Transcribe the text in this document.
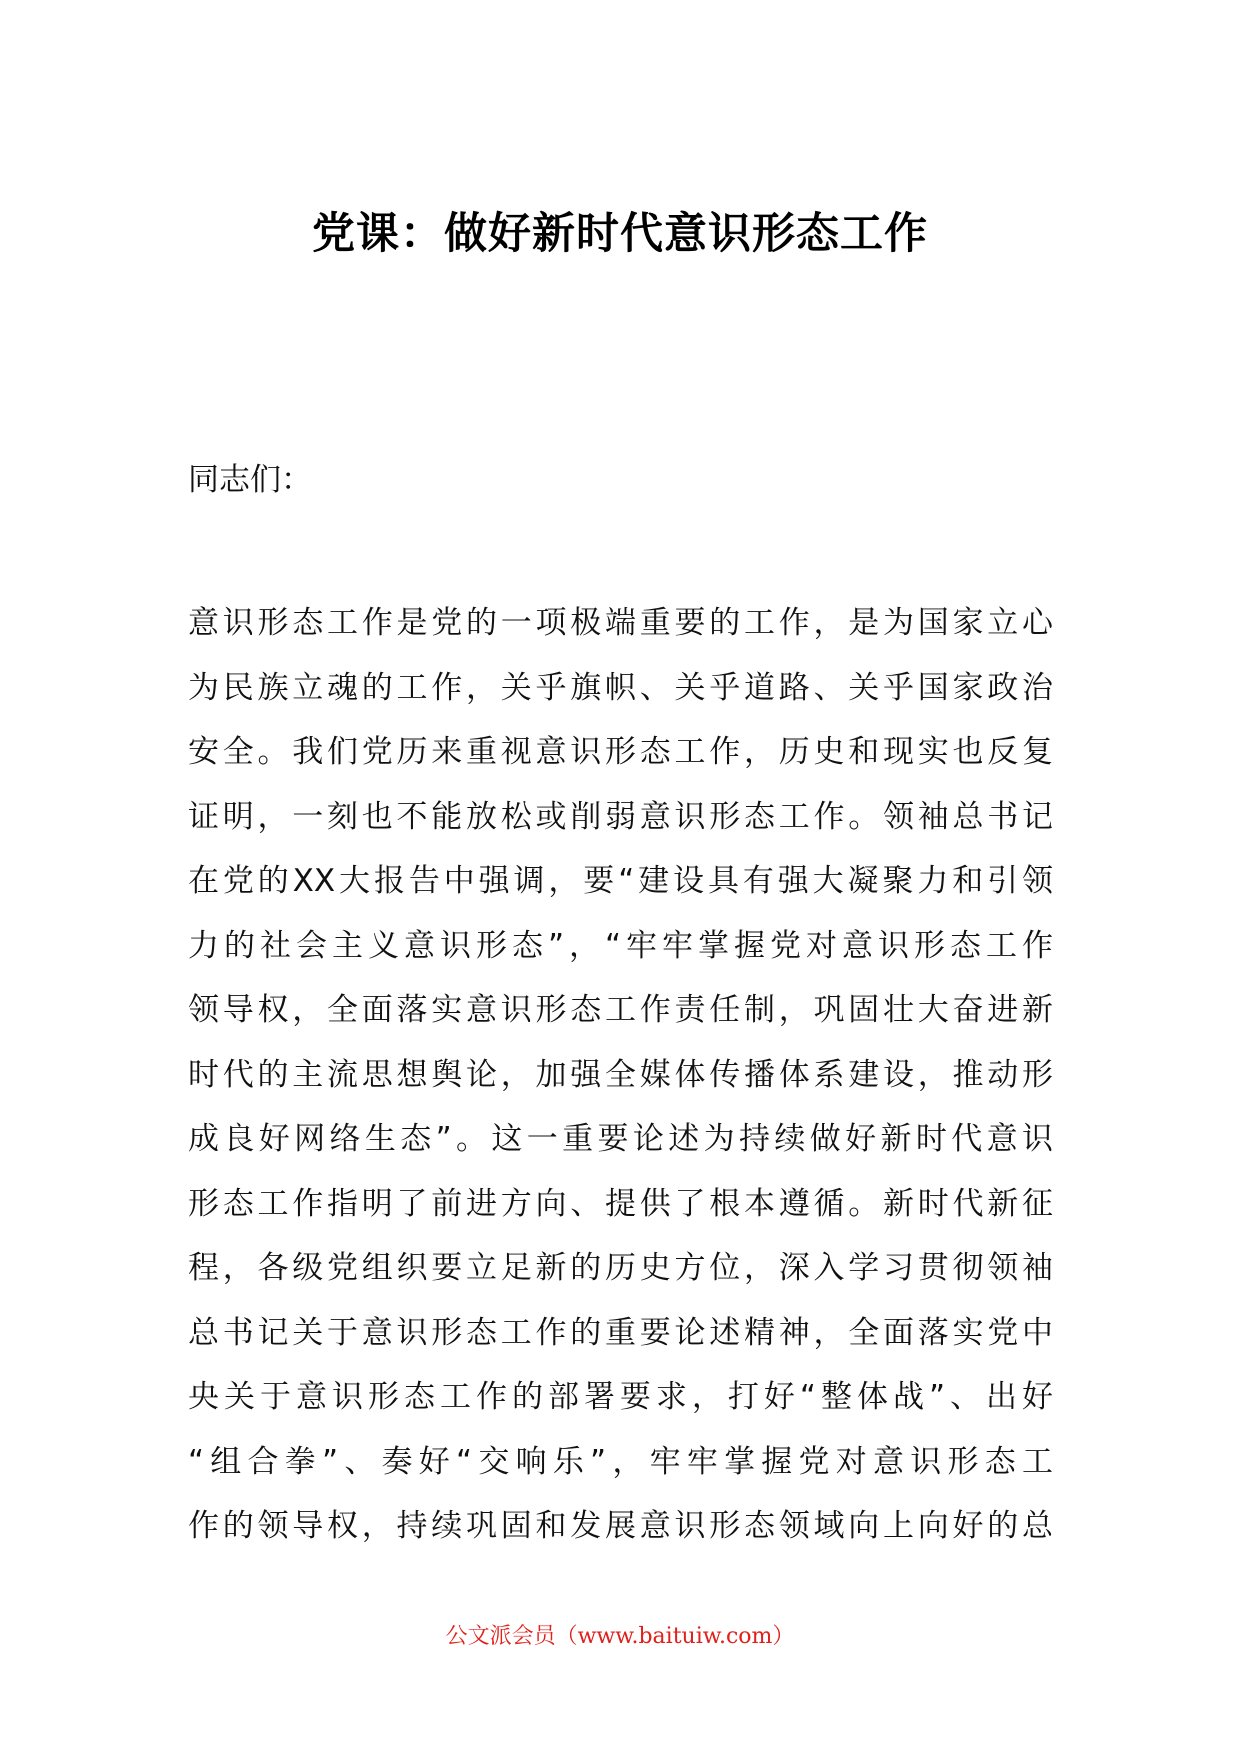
党课：做好新时代意识形态工作
同志们：
意识形态工作是党的一项极端重要的工作，是为国家立心
为民族立魂的工作，关乎旗帜、关乎道路、关乎国家政治
安全。我们党历来重视意识形态工作，历史和现实也反复
证明，一刻也不能放松或削弱意识形态工作。领袖总书记
在党的XX大报告中强调，要“建设具有强大凝聚力和引领
力的社会主义意识形态”，“牢牢掌握党对意识形态工作
领导权，全面落实意识形态工作责任制，巩固壮大奋进新
时代的主流思想舆论，加强全媒体传播体系建设，推动形
成良好网络生态”。这一重要论述为持续做好新时代意识
形态工作指明了前进方向、提供了根本遵循。新时代新征
程，各级党组织要立足新的历史方位，深入学习贯彻领袖
总书记关于意识形态工作的重要论述精神，全面落实党中
央关于意识形态工作的部署要求，打好“整体战”、出好
“组合拳”、奏好“交响乐”，牢牢掌握党对意识形态工
作的领导权，持续巩固和发展意识形态领域向上向好的总
公文派会员（www.baituiw.com）
